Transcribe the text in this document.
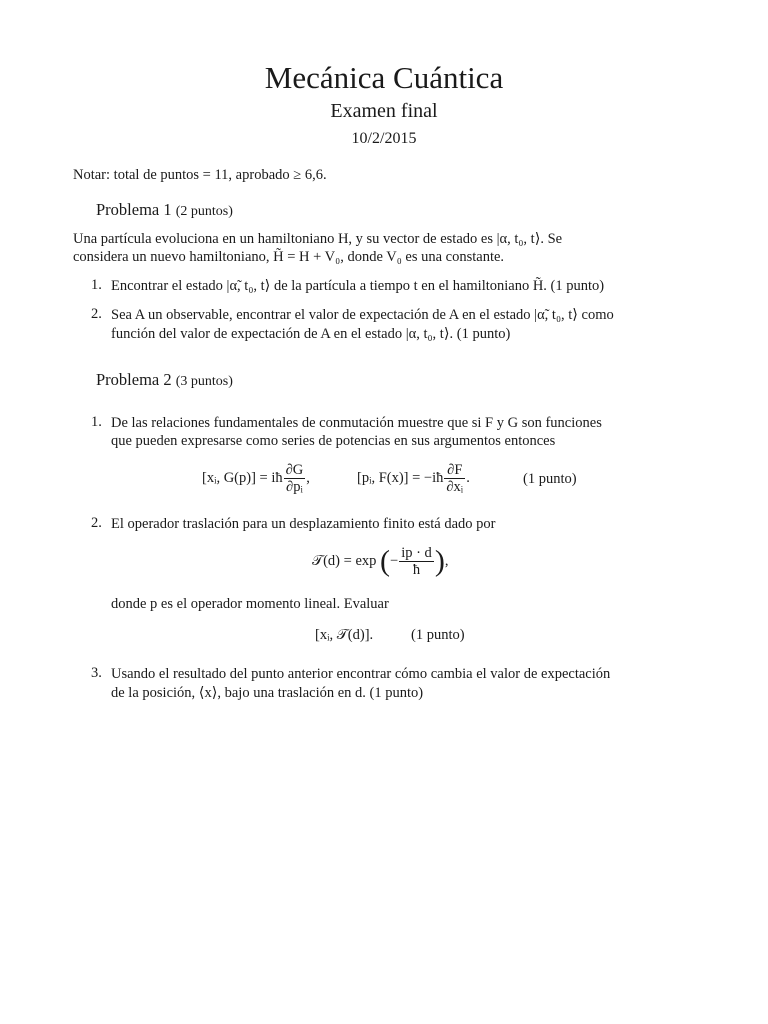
Mecánica Cuántica
Examen final
10/2/2015
Notar: total de puntos = 11, aprobado ≥ 6,6.
Problema 1 (2 puntos)
Una partícula evoluciona en un hamiltoniano H, y su vector de estado es |α, t₀, t⟩. Se
considera un nuevo hamiltoniano, H̃ = H + V₀, donde V₀ es una constante.
1. Encontrar el estado |α̃, t₀, t⟩ de la partícula a tiempo t en el hamiltoniano H̃. (1 punto)
2. Sea A un observable, encontrar el valor de expectación de A en el estado |α̃, t₀, t⟩ como
función del valor de expectación de A en el estado |α, t₀, t⟩. (1 punto)
Problema 2 (3 puntos)
1. De las relaciones fundamentales de conmutación muestre que si F y G son funciones
que pueden expresarse como series de potencias en sus argumentos entonces
[xᵢ, G(p)] = iħ $\frac{\partial G}{\text{∂pᵢ}}$ ,	[pᵢ, F(x)] = −iħ $\frac{\partial F}{\text{∂xᵢ}}$ .	(1 punto)
2. El operador traslación para un desplazamiento finito está dado por
𝒯(d) = exp (− $\frac{ip \cdot d}{ħ}$ ),
donde p es el operador momento lineal. Evaluar
[xᵢ, 𝒯(d)].	(1 punto)
3. Usando el resultado del punto anterior encontrar cómo cambia el valor de expectación
de la posición, ⟨x⟩, bajo una traslación en d. (1 punto)
